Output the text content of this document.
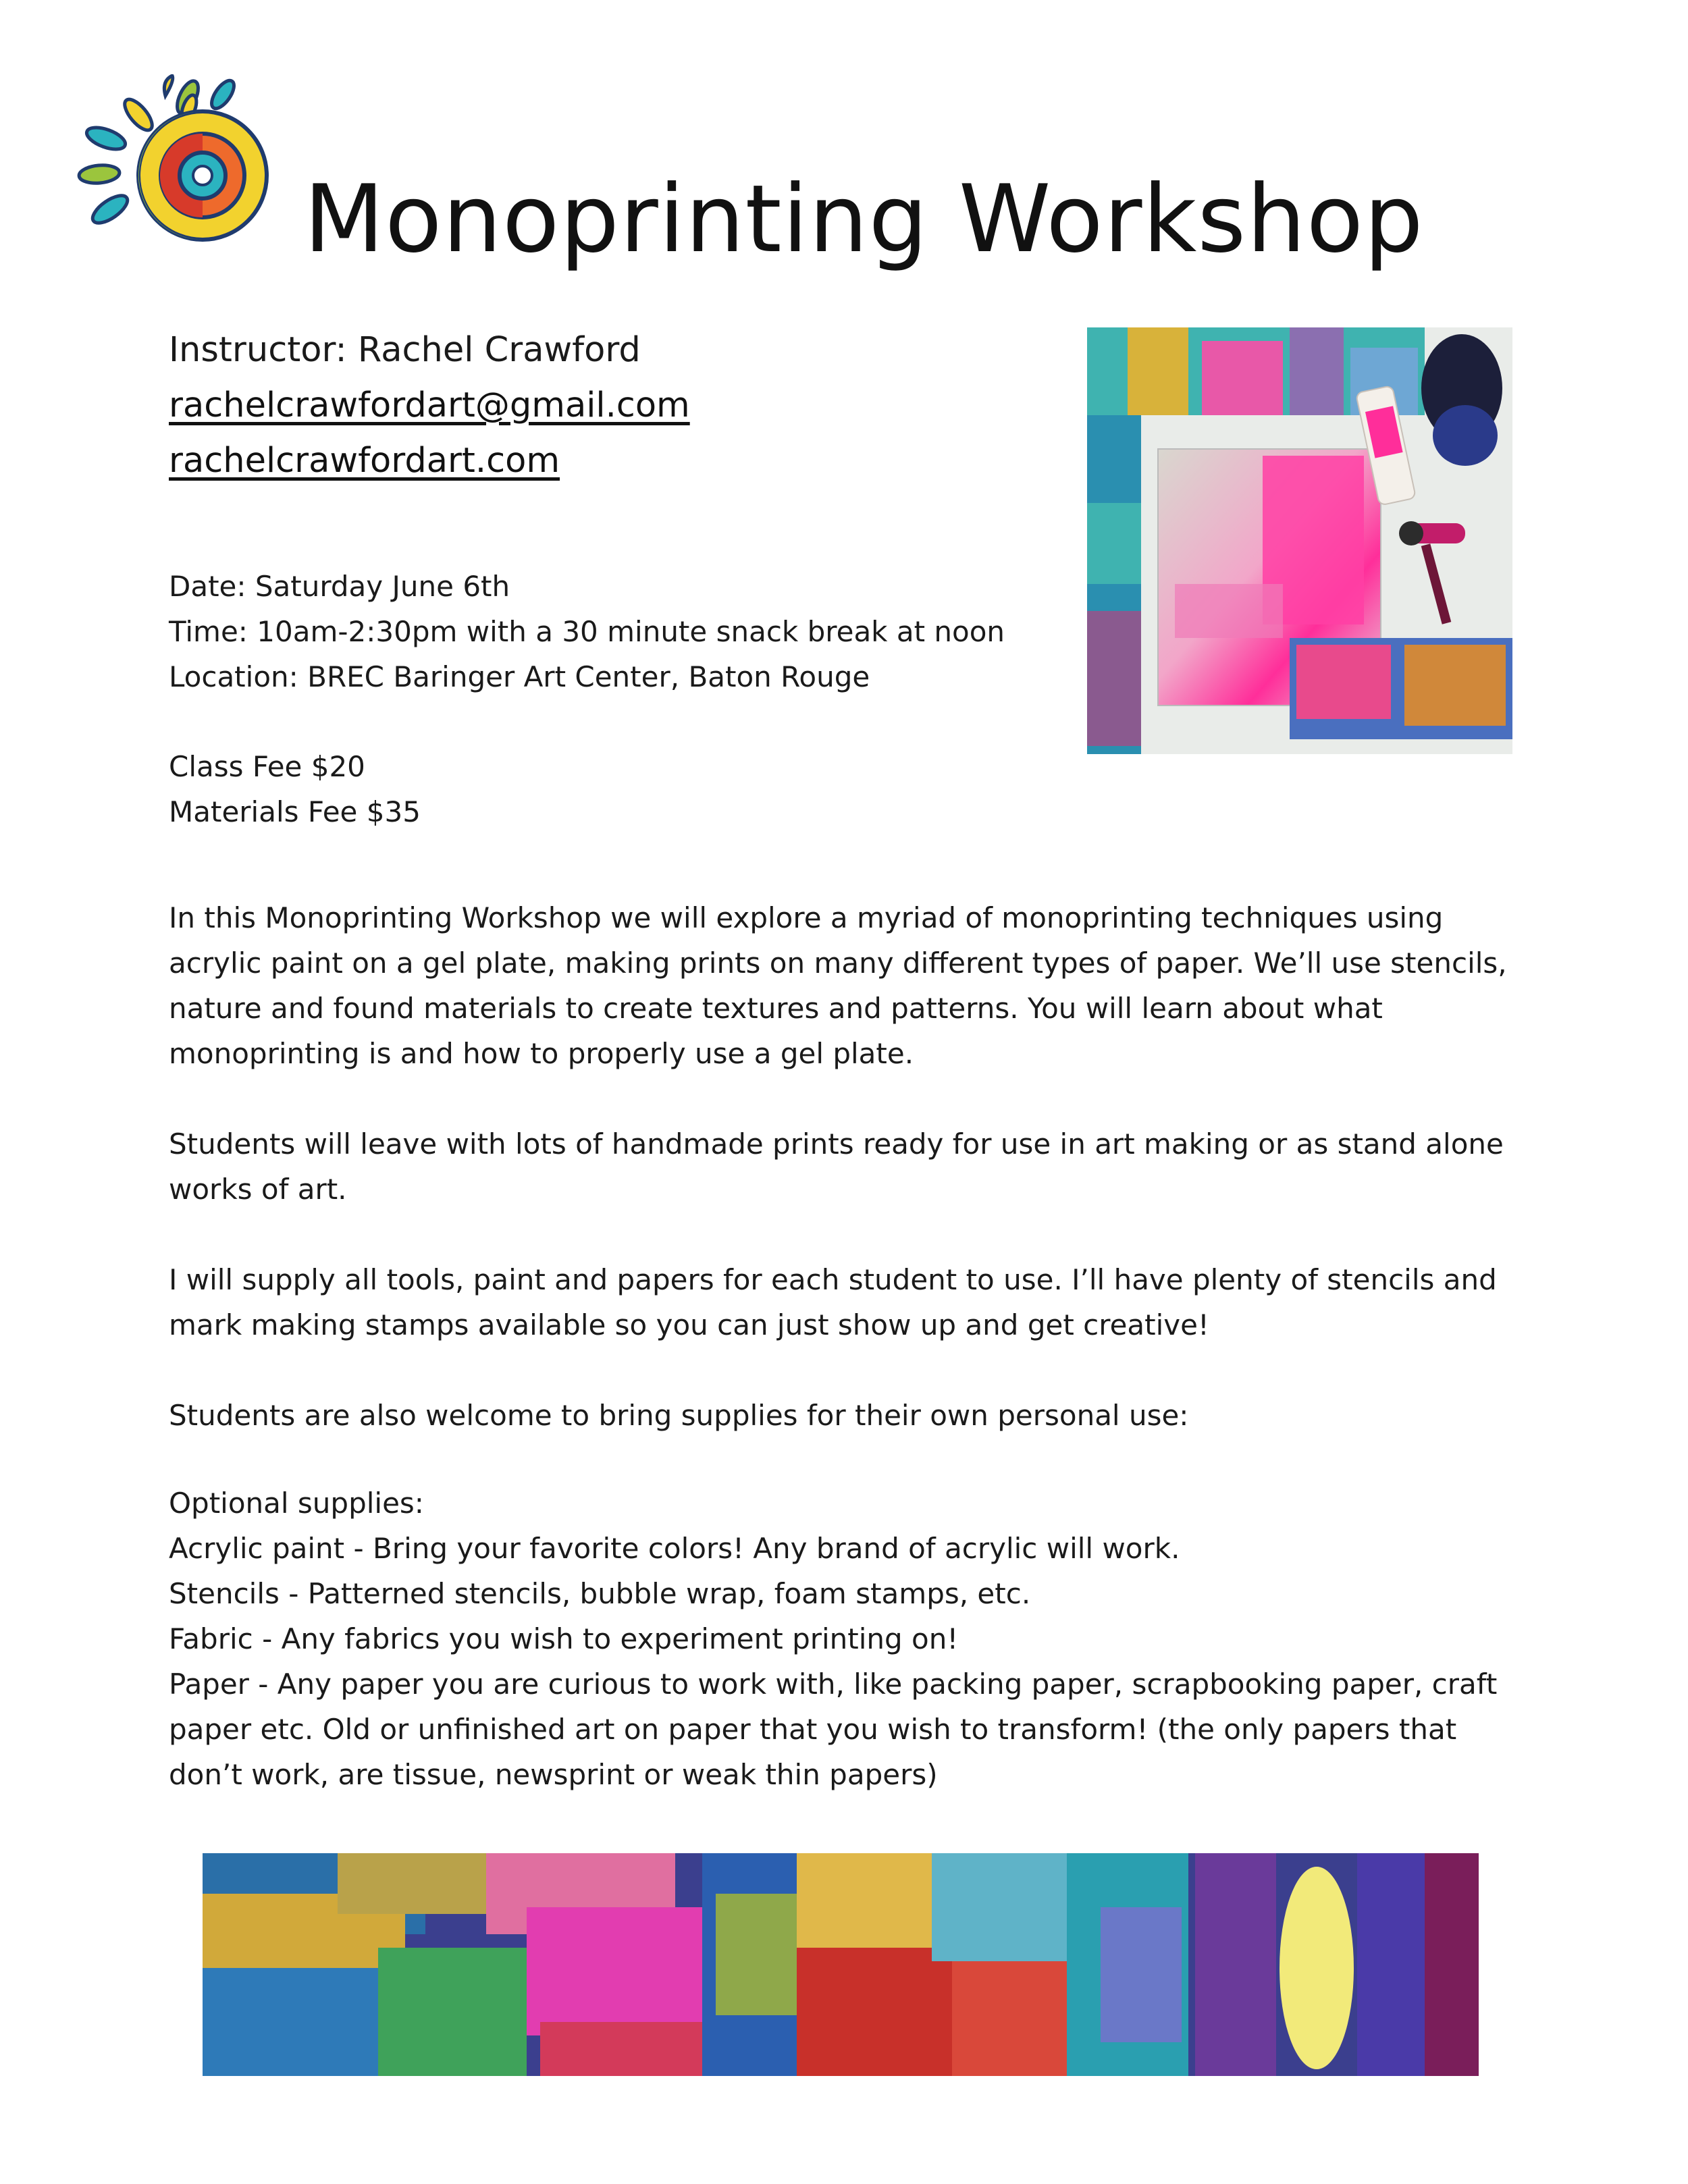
Monoprinting Workshop
Instructor: Rachel Crawford
rachelcrawfordart@gmail.com
rachelcrawfordart.com
Date: Saturday June 6th
Time: 10am-2:30pm with a 30 minute snack break at noon
Location: BREC Baringer Art Center, Baton Rouge
Class Fee $20
Materials Fee $35

In this Monoprinting Workshop we will explore a myriad of monoprinting techniques using acrylic paint on a gel plate, making prints on many different types of paper. We’ll use stencils, nature and found materials to create textures and patterns. You will learn about what monoprinting is and how to properly use a gel plate.

Students will leave with lots of handmade prints ready for use in art making or as stand alone works of art.

I will supply all tools, paint and papers for each student to use. I’ll have plenty of stencils and mark making stamps available so you can just show up and get creative!

Students are also welcome to bring supplies for their own personal use:

Optional supplies:
Acrylic paint - Bring your favorite colors! Any brand of acrylic will work.
Stencils - Patterned stencils, bubble wrap, foam stamps, etc.
Fabric - Any fabrics you wish to experiment printing on!
Paper - Any paper you are curious to work with, like packing paper, scrapbooking paper, craft paper etc. Old or unfinished art on paper that you wish to transform! (the only papers that don’t work, are tissue, newsprint or weak thin papers)
